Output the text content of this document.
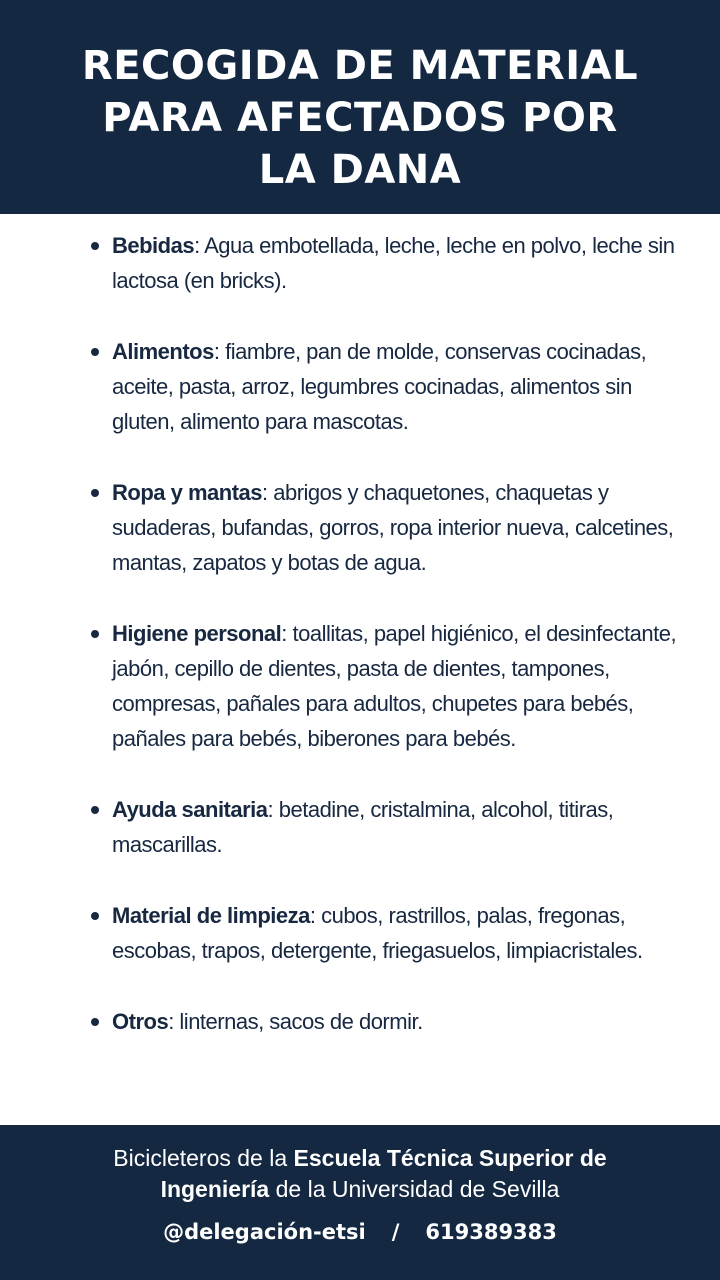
RECOGIDA DE MATERIAL
PARA AFECTADOS POR
LA DANA
Bebidas: Agua embotellada, leche, leche en polvo, leche sin lactosa (en bricks).
Alimentos: fiambre, pan de molde, conservas cocinadas, aceite, pasta, arroz, legumbres cocinadas, alimentos sin gluten, alimento para mascotas.
Ropa y mantas: abrigos y chaquetones, chaquetas y sudaderas, bufandas, gorros, ropa interior nueva, calcetines, mantas, zapatos y botas de agua.
Higiene personal: toallitas, papel higiénico, el desinfectante, jabón, cepillo de dientes, pasta de dientes, tampones, compresas, pañales para adultos, chupetes para bebés, pañales para bebés, biberones para bebés.
Ayuda sanitaria: betadine, cristalmina, alcohol, titiras, mascarillas.
Material de limpieza: cubos, rastrillos, palas, fregonas, escobas, trapos, detergente, friegasuelos, limpiacristales.
Otros: linternas, sacos de dormir.
Bicicleteros de la Escuela Técnica Superior de
Ingeniería de la Universidad de Sevilla
@delegación-etsi / 619389383
